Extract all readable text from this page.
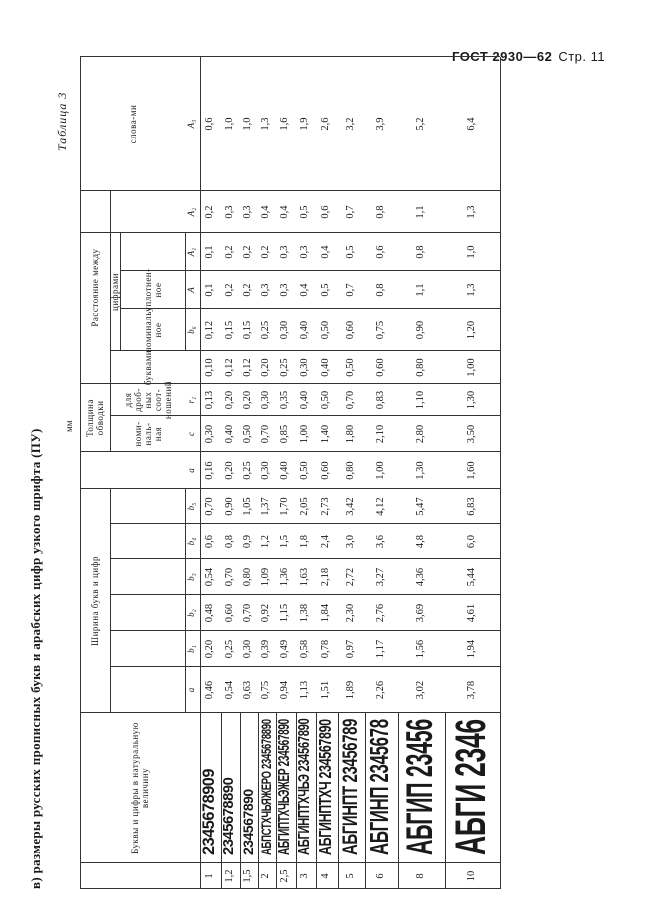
ГОСТ 2930—62 Стр. 11
в) размеры русских прописных букв и арабских цифр узкого шрифта (ПУ)
Таблица 3
мм
Буквы и цифры в натуральную величину
Ширина букв и цифр
Толщина обводки	номи-наль-ная
для дроб-ных соот-ношений
Расстояние между
буквами
цифрами
номиналь-ное
уплотнен-ное
слова-ми
a
b₁
b₂
b₃
b₄
b₅
a
c
r₁
b₆
A
A₁
A₂
A₃
1
2345678909
0,46
0,20
0,48
0,54
0,6
0,70
0,16
0,30
0,13
0,10
0,12
0,1
0,1
0,2
0,6
1,2
2345678890
0,54
0,25
0,60
0,70
0,8
0,90
0,20
0,40
0,20
0,12
0,15
0,2
0,2
0,3
1,0
1,5
234567890
0,63
0,30
0,70
0,80
0,9
1,05
0,25
0,50
0,20
0,12
0,15
0,2
0,2
0,3
1,0
2
АБПСТХЧЬЯЖЕРО 2345678890
0,75
0,39
0,92
1,09
1,2
1,37
0,30
0,70
0,30
0,20
0,25
0,3
0,2
0,4
1,3
2,5
АБГИПТХЧЬЭЖЕР 234567890
0,94
0,49
1,15
1,36
1,5
1,70
0,40
0,85
0,35
0,25
0,30
0,3
0,3
0,4
1,6
3
АБГИНПТХЧЬЭ 234567890
1,13
0,58
1,38
1,63
1,8
2,05
0,50
1,00
0,40
0,30
0,40
0,4
0,3
0,5
1,9
4
АБГИНПТХЧ 234567890
1,51
0,78
1,84
2,18
2,4
2,73
0,60
1,40
0,50
0,40
0,50
0,5
0,4
0,6
2,6
5
АБГИНПТ 23456789
1,89
0,97
2,30
2,72
3,0
3,42
0,80
1,80
0,70
0,50
0,60
0,7
0,5
0,7
3,2
6
АБГИНП 2345678
2,26
1,17
2,76
3,27
3,6
4,12
1,00
2,10
0,83
0,60
0,75
0,8
0,6
0,8
3,9
8
АБГИП 23456
3,02
1,56
3,69
4,36
4,8
5,47
1,30
2,80
1,10
0,80
0,90
1,1
0,8
1,1
5,2
10
АБГИ 2346
3,78
1,94
4,61
5,44
6,0
6,83
1,60
3,50
1,30
1,00
1,20
1,3
1,0
1,3
6,4
